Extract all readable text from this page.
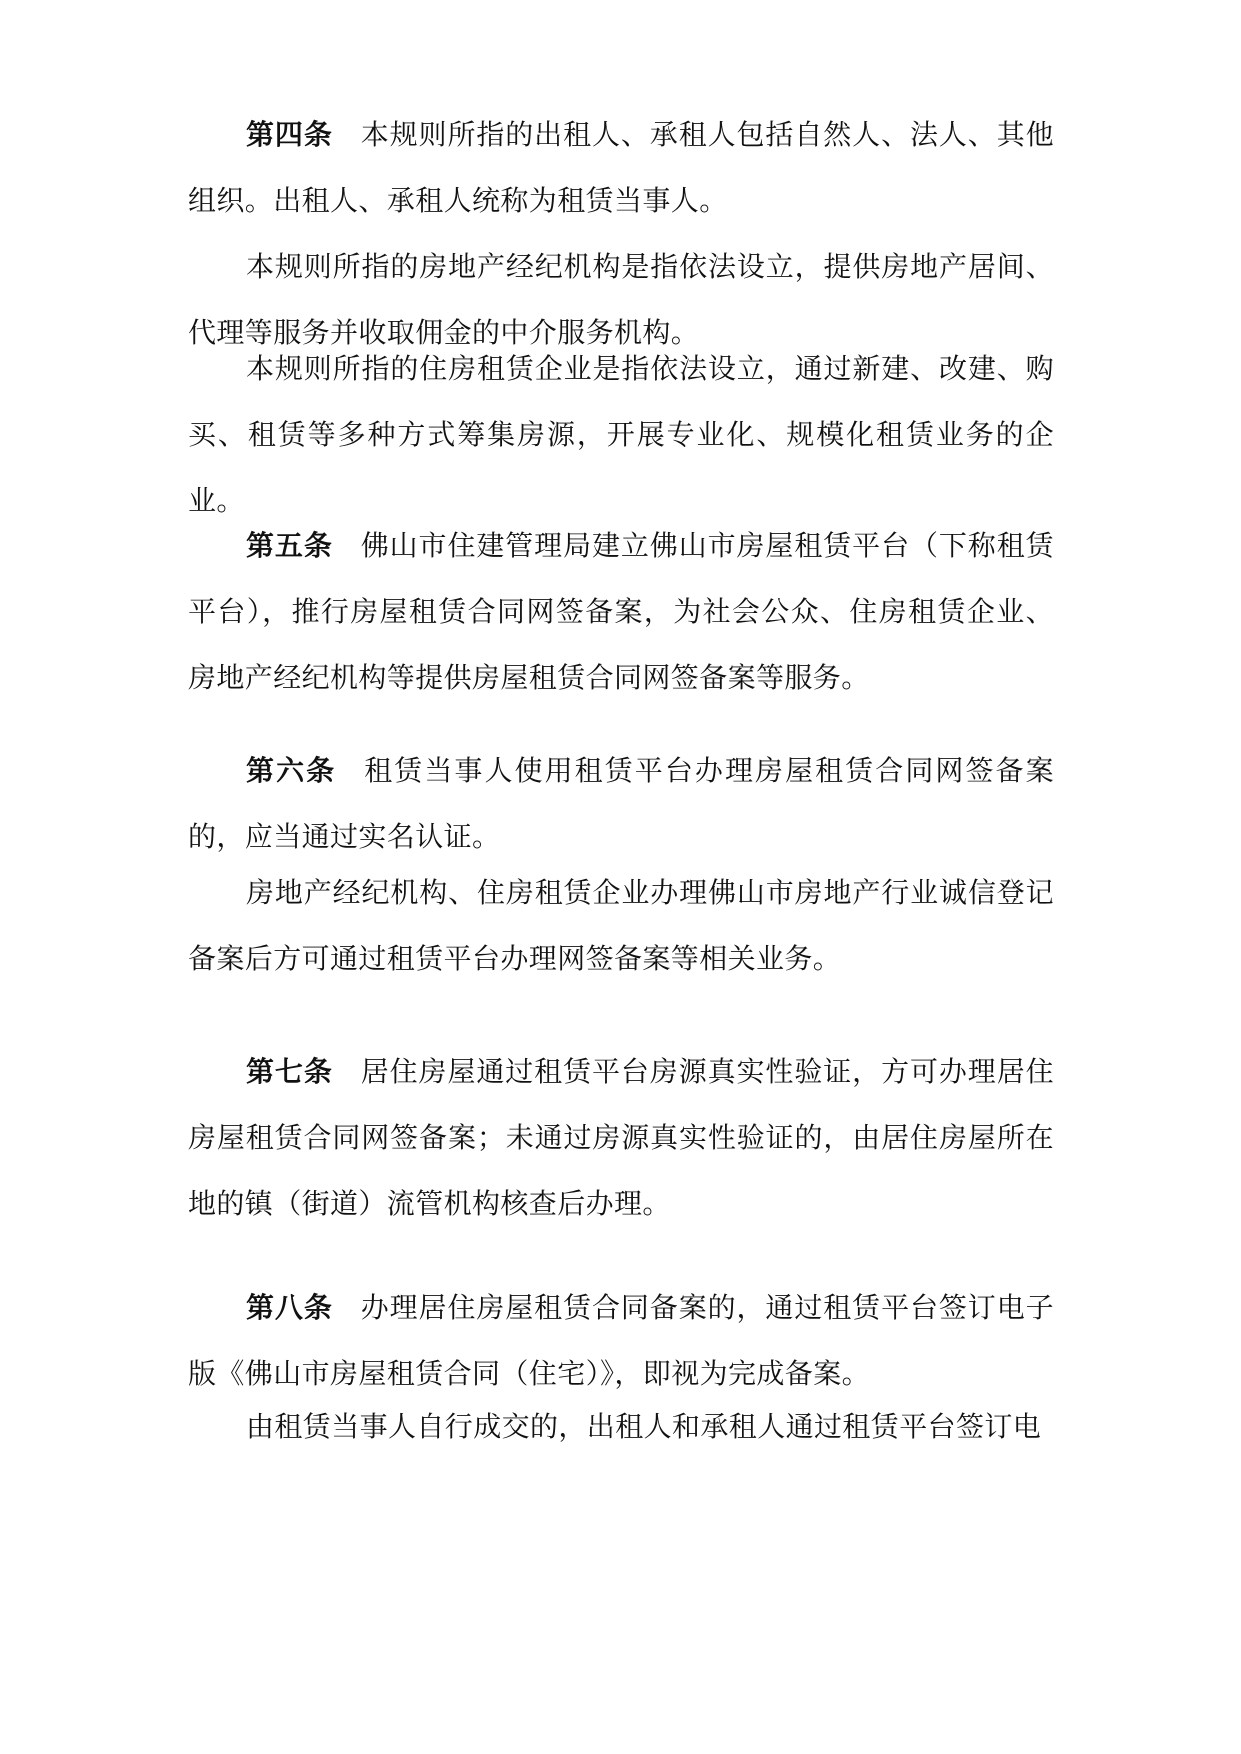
第四条 本规则所指的出租人、承租人包括自然人、法人、其他组织。出租人、承租人统称为租赁当事人。

本规则所指的房地产经纪机构是指依法设立，提供房地产居间、代理等服务并收取佣金的中介服务机构。

本规则所指的住房租赁企业是指依法设立，通过新建、改建、购买、租赁等多种方式筹集房源，开展专业化、规模化租赁业务的企业。

第五条 佛山市住建管理局建立佛山市房屋租赁平台（下称租赁平台），推行房屋租赁合同网签备案，为社会公众、住房租赁企业、房地产经纪机构等提供房屋租赁合同网签备案等服务。

第六条 租赁当事人使用租赁平台办理房屋租赁合同网签备案的，应当通过实名认证。

房地产经纪机构、住房租赁企业办理佛山市房地产行业诚信登记备案后方可通过租赁平台办理网签备案等相关业务。

第七条 居住房屋通过租赁平台房源真实性验证，方可办理居住房屋租赁合同网签备案；未通过房源真实性验证的，由居住房屋所在地的镇（街道）流管机构核查后办理。

第八条 办理居住房屋租赁合同备案的，通过租赁平台签订电子版《佛山市房屋租赁合同（住宅）》，即视为完成备案。

由租赁当事人自行成交的，出租人和承租人通过租赁平台签订电
